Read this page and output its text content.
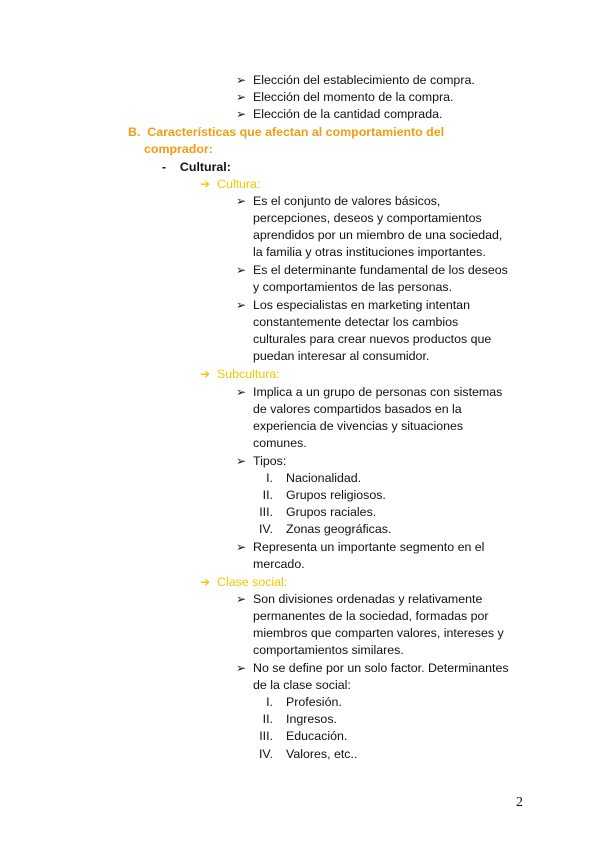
➢ Elección del establecimiento de compra.
➢ Elección del momento de la compra.
➢ Elección de la cantidad comprada.
B. Características que afectan al comportamiento del
comprador:
- Cultural:
➔ Cultura:
➢ Es el conjunto de valores básicos,
percepciones, deseos y comportamientos
aprendidos por un miembro de una sociedad,
la familia y otras instituciones importantes.
➢ Es el determinante fundamental de los deseos
y comportamientos de las personas.
➢ Los especialistas en marketing intentan
constantemente detectar los cambios
culturales para crear nuevos productos que
puedan interesar al consumidor.
➔ Subcultura:
➢ Implica a un grupo de personas con sistemas
de valores compartidos basados en la
experiencia de vivencias y situaciones
comunes.
➢ Tipos:
I. Nacionalidad.
II. Grupos religiosos.
III. Grupos raciales.
IV. Zonas geográficas.
➢ Representa un importante segmento en el
mercado.
➔ Clase social:
➢ Son divisiones ordenadas y relativamente
permanentes de la sociedad, formadas por
miembros que comparten valores, intereses y
comportamientos similares.
➢ No se define por un solo factor. Determinantes
de la clase social:
I. Profesión.
II. Ingresos.
III. Educación.
IV. Valores, etc..
2
